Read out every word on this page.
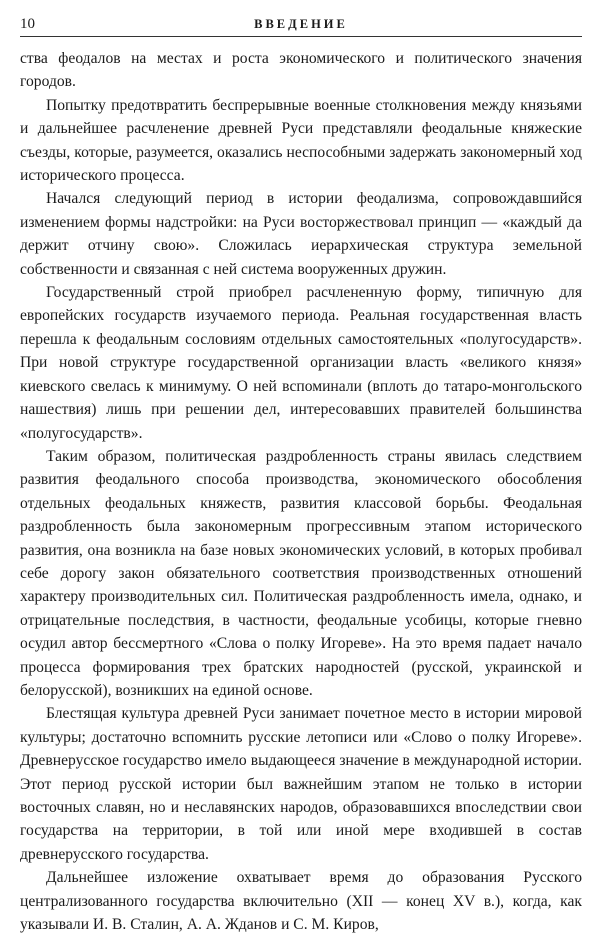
10	ВВЕДЕНИЕ

ства феодалов на местах и роста экономического и политического значения городов.

Попытку предотвратить беспрерывные военные столкновения между князьями и дальнейшее расчленение древней Руси представляли феодальные княжеские съезды, которые, разумеется, оказались неспособными задержать закономерный ход исторического процесса.

Начался следующий период в истории феодализма, сопровождавшийся изменением формы надстройки: на Руси восторжествовал принцип — «каждый да держит отчину свою». Сложилась иерархическая структура земельной собственности и связанная с ней система вооруженных дружин.

Государственный строй приобрел расчлененную форму, типичную для европейских государств изучаемого периода. Реальная государственная власть перешла к феодальным сословиям отдельных самостоятельных «полугосударств». При новой структуре государственной организации власть «великого князя» киевского свелась к минимуму. О ней вспоминали (вплоть до татаро-монгольского нашествия) лишь при решении дел, интересовавших правителей большинства «полугосударств».

Таким образом, политическая раздробленность страны явилась следствием развития феодального способа производства, экономического обособления отдельных феодальных княжеств, развития классовой борьбы. Феодальная раздробленность была закономерным прогрессивным этапом исторического развития, она возникла на базе новых экономических условий, в которых пробивал себе дорогу закон обязательного соответствия производственных отношений характеру производительных сил. Политическая раздробленность имела, однако, и отрицательные последствия, в частности, феодальные усобицы, которые гневно осудил автор бессмертного «Слова о полку Игореве». На это время падает начало процесса формирования трех братских народностей (русской, украинской и белорусской), возникших на единой основе.

Блестящая культура древней Руси занимает почетное место в истории мировой культуры; достаточно вспомнить русские летописи или «Слово о полку Игореве». Древнерусское государство имело выдающееся значение в международной истории. Этот период русской истории был важнейшим этапом не только в истории восточных славян, но и неславянских народов, образовавшихся впоследствии свои государства на территории, в той или иной мере входившей в состав древнерусского государства.

Дальнейшее изложение охватывает время до образования Русского централизованного государства включительно (XII — конец XV в.), когда, как указывали И. В. Сталин, А. А. Жданов и С. М. Киров,
